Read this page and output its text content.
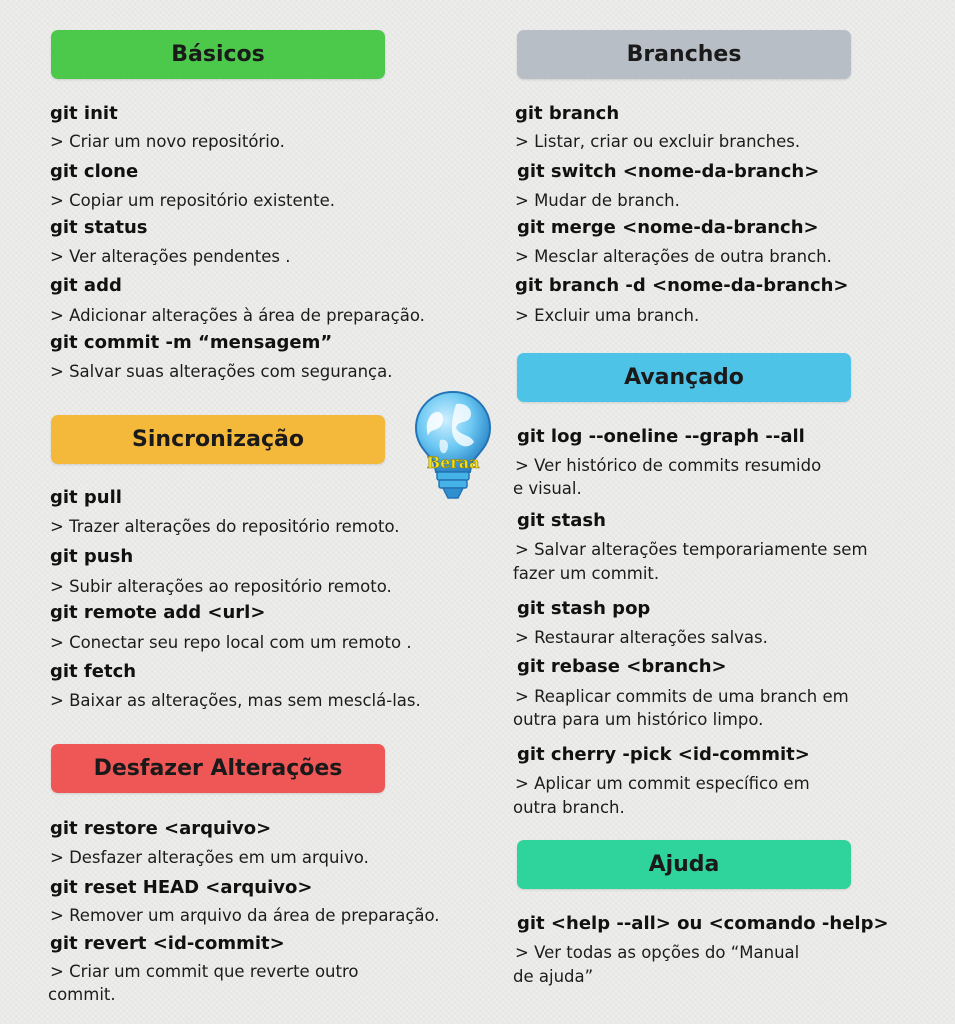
Básicos	Branches
Sincronização
Desfazer Alterações
Avançado
Ajuda
git init
> Criar um novo repositório.
git clone
> Copiar um repositório existente.
git status
> Ver alterações pendentes .
git add
> Adicionar alterações à área de preparação.
git commit -m “mensagem”
> Salvar suas alterações com segurança.
git pull
> Trazer alterações do repositório remoto.
git push
> Subir alterações ao repositório remoto.
git remote add <url>
> Conectar seu repo local com um remoto .
git fetch
> Baixar as alterações, mas sem mesclá-las.
git restore <arquivo>
> Desfazer alterações em um arquivo.
git reset HEAD <arquivo>
> Remover um arquivo da área de preparação.
git revert <id-commit>
> Criar um commit que reverte outro
commit.
git branch
> Listar, criar ou excluir branches.
git switch <nome-da-branch>
> Mudar de branch.
git merge <nome-da-branch>
> Mesclar alterações de outra branch.
git branch -d <nome-da-branch>
> Excluir uma branch.
git log --oneline --graph --all
> Ver histórico de commits resumido
e visual.
git stash
> Salvar alterações temporariamente sem
fazer um commit.
git stash pop
> Restaurar alterações salvas.
git rebase <branch>
> Reaplicar commits de uma branch em
outra para um histórico limpo.
git cherry -pick <id-commit>
> Aplicar um commit específico em
outra branch.
git <help --all> ou <comando -help>
> Ver todas as opções do “Manual
de ajuda”
Beraa
